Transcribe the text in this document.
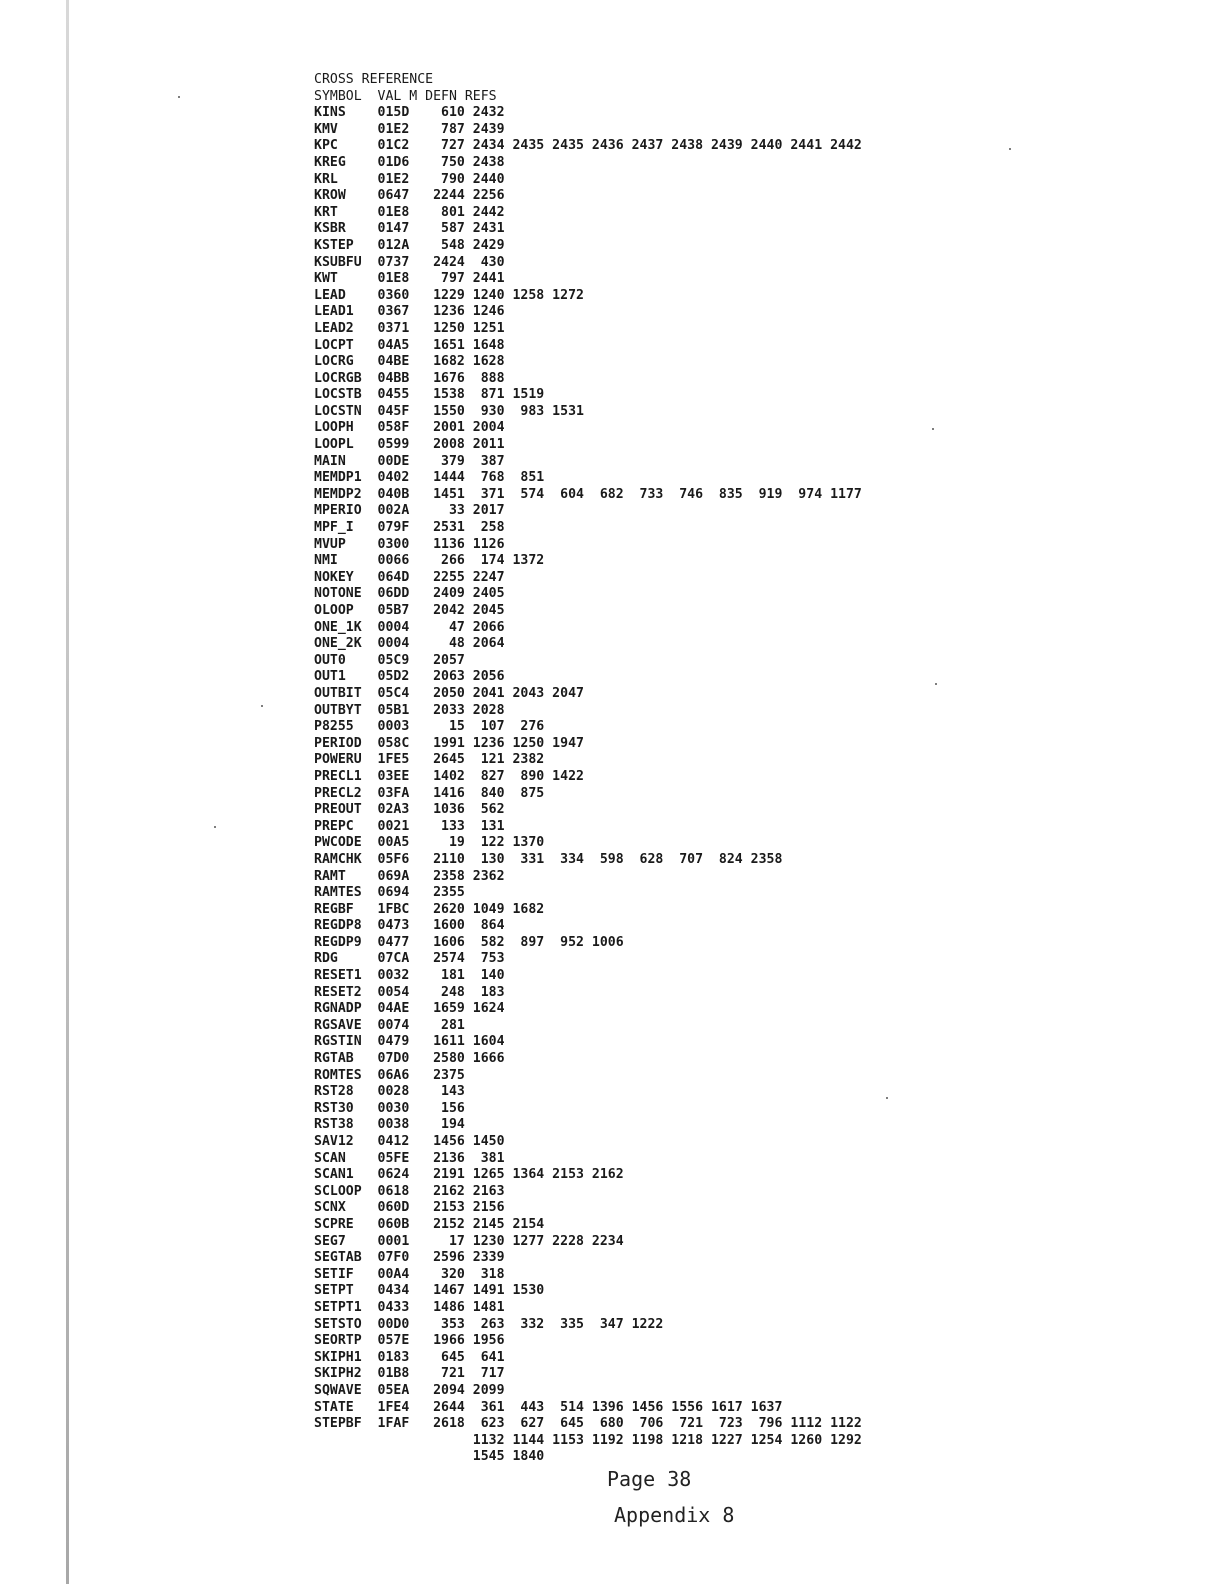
CROSS REFERENCE
SYMBOL  VAL M DEFN REFS
KINS    015D    610 2432
KMV     01E2    787 2439
KPC     01C2    727 2434 2435 2435 2436 2437 2438 2439 2440 2441 2442
KREG    01D6    750 2438
KRL     01E2    790 2440
KROW    0647   2244 2256
KRT     01E8    801 2442
KSBR    0147    587 2431
KSTEP   012A    548 2429
KSUBFU  0737   2424  430
KWT     01E8    797 2441
LEAD    0360   1229 1240 1258 1272
LEAD1   0367   1236 1246
LEAD2   0371   1250 1251
LOCPT   04A5   1651 1648
LOCRG   04BE   1682 1628
LOCRGB  04BB   1676  888
LOCSTB  0455   1538  871 1519
LOCSTN  045F   1550  930  983 1531
LOOPH   058F   2001 2004
LOOPL   0599   2008 2011
MAIN    00DE    379  387
MEMDP1  0402   1444  768  851
MEMDP2  040B   1451  371  574  604  682  733  746  835  919  974 1177
MPERIO  002A     33 2017
MPF_I   079F   2531  258
MVUP    0300   1136 1126
NMI     0066    266  174 1372
NOKEY   064D   2255 2247
NOTONE  06DD   2409 2405
OLOOP   05B7   2042 2045
ONE_1K  0004     47 2066
ONE_2K  0004     48 2064
OUT0    05C9   2057
OUT1    05D2   2063 2056
OUTBIT  05C4   2050 2041 2043 2047
OUTBYT  05B1   2033 2028
P8255   0003     15  107  276
PERIOD  058C   1991 1236 1250 1947
POWERU  1FE5   2645  121 2382
PRECL1  03EE   1402  827  890 1422
PRECL2  03FA   1416  840  875
PREOUT  02A3   1036  562
PREPC   0021    133  131
PWCODE  00A5     19  122 1370
RAMCHK  05F6   2110  130  331  334  598  628  707  824 2358
RAMT    069A   2358 2362
RAMTES  0694   2355
REGBF   1FBC   2620 1049 1682
REGDP8  0473   1600  864
REGDP9  0477   1606  582  897  952 1006
RDG     07CA   2574  753
RESET1  0032    181  140
RESET2  0054    248  183
RGNADP  04AE   1659 1624
RGSAVE  0074    281
RGSTIN  0479   1611 1604
RGTAB   07D0   2580 1666
ROMTES  06A6   2375
RST28   0028    143
RST30   0030    156
RST38   0038    194
SAV12   0412   1456 1450
SCAN    05FE   2136  381
SCAN1   0624   2191 1265 1364 2153 2162
SCLOOP  0618   2162 2163
SCNX    060D   2153 2156
SCPRE   060B   2152 2145 2154
SEG7    0001     17 1230 1277 2228 2234
SEGTAB  07F0   2596 2339
SETIF   00A4    320  318
SETPT   0434   1467 1491 1530
SETPT1  0433   1486 1481
SETSTO  00D0    353  263  332  335  347 1222
SEORTP  057E   1966 1956
SKIPH1  0183    645  641
SKIPH2  01B8    721  717
SQWAVE  05EA   2094 2099
STATE   1FE4   2644  361  443  514 1396 1456 1556 1617 1637
STEPBF  1FAF   2618  623  627  645  680  706  721  723  796 1112 1122
1132 1144 1153 1192 1198 1218 1227 1254 1260 1292
1545 1840
Page 38
Appendix 8
